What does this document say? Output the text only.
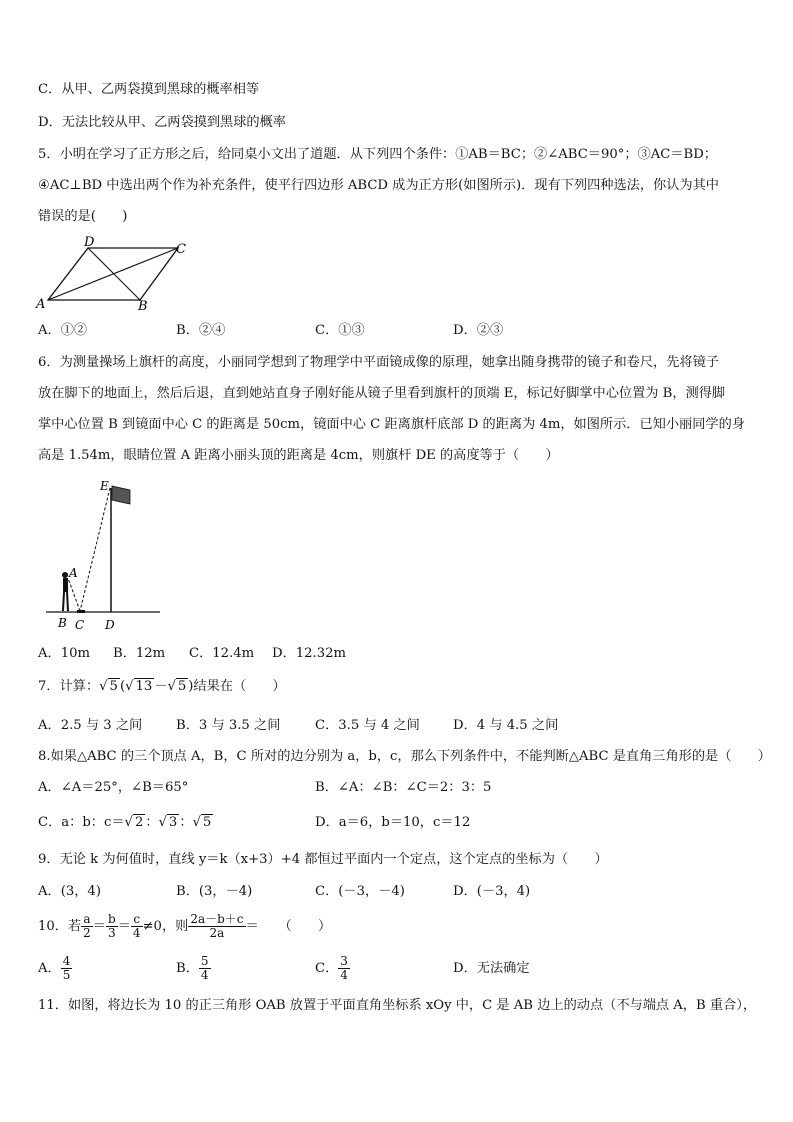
C．从甲、乙两袋摸到黑球的概率相等
D．无法比较从甲、乙两袋摸到黑球的概率
5．小明在学习了正方形之后，给同桌小文出了道题．从下列四个条件：①AB＝BC；②∠ABC＝90°；③AC＝BD；
④AC⊥BD 中选出两个作为补充条件，使平行四边形 ABCD 成为正方形(如图所示)．现有下列四种选法，你认为其中
错误的是(　　)
D	C
A	B
A．①②	B．②④	C．①③	D．②③
6．为测量操场上旗杆的高度，小丽同学想到了物理学中平面镜成像的原理，她拿出随身携带的镜子和卷尺，先将镜子
放在脚下的地面上，然后后退，直到她站直身子刚好能从镜子里看到旗杆的顶端 E，标记好脚掌中心位置为 B，测得脚
掌中心位置 B 到镜面中心 C 的距离是 50cm，镜面中心 C 距离旗杆底部 D 的距离为 4m，如图所示．已知小丽同学的身
高是 1.54m，眼睛位置 A 距离小丽头顶的距离是 4cm，则旗杆 DE 的高度等于（　　）
E
A
B C D
A．10m B．12m C．12.4m D．12.32m
7．计算：√ 5 (√ 13 －√ 5 )结果在（　　）
A．2.5 与 3 之间	B．3 与 3.5 之间	C．3.5 与 4 之间	D．4 与 4.5 之间
8.如果△ABC 的三个顶点 A，B，C 所对的边分别为 a，b，c，那么下列条件中，不能判断△ABC 是直角三角形的是（　　）
A．∠A＝25°，∠B＝65°	B．∠A：∠B：∠C＝2：3：5
C．a：b：c＝√ 2 ：√ 3 ：√ 5	D．a＝6，b＝10，c＝12
9．无论 k 为何值时，直线 y＝k（x+3）+4 都恒过平面内一个定点，这个定点的坐标为（　　）
A．(3，4)	B．(3，－4)	C．(－3，－4)	D．(－3，4)
10．若 $\frac{a}{2} = \frac{b}{3} = \frac{c}{4} \ne 0$，则 $\frac{2a-b+c}{2a}$ ＝　　（　　）
A． $\frac{4}{5}$	B． $\frac{5}{4}$	C． $\frac{3}{4}$	D．无法确定
11．如图，将边长为 10 的正三角形 OAB 放置于平面直角坐标系 xOy 中，C 是 AB 边上的动点（不与端点 A，B 重合），
